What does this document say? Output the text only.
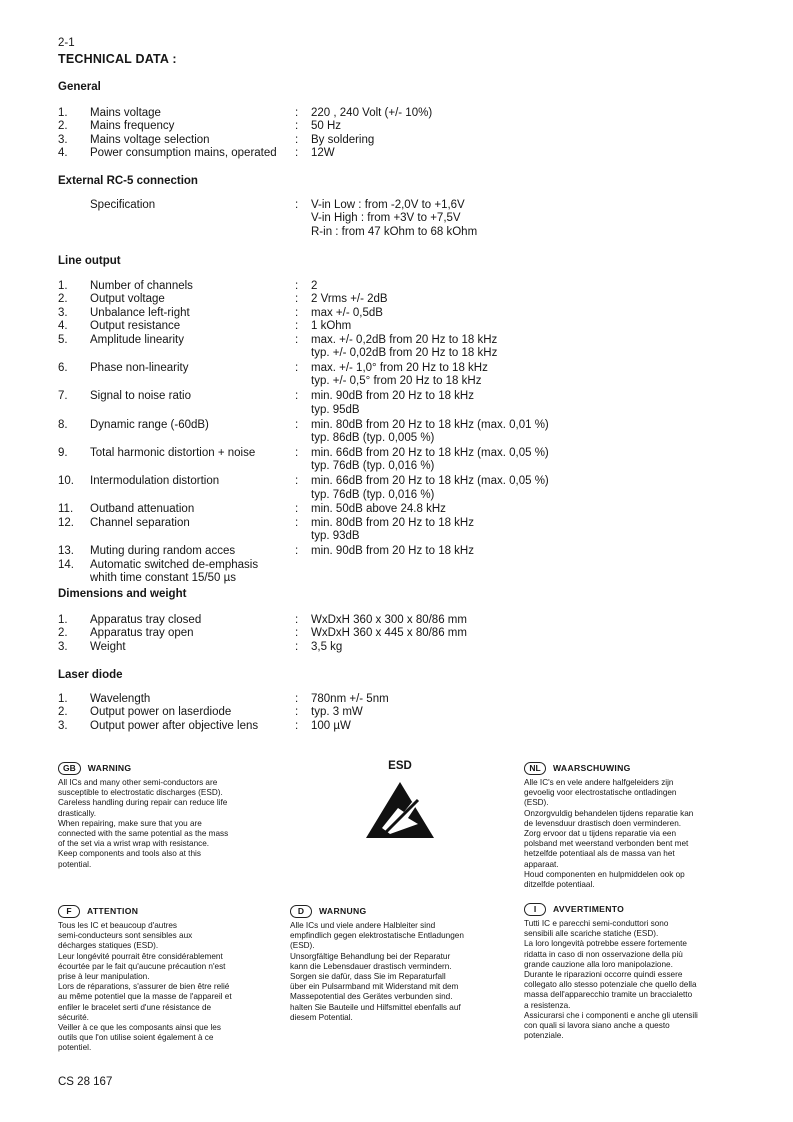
2-1
TECHNICAL DATA :
General
1. Mains voltage	: 220 , 240 Volt (+/- 10%)
2. Mains frequency	: 50 Hz
3. Mains voltage selection	: By soldering
4. Power consumption mains, operated : 12W
External RC-5 connection
Specification	: V-in Low : from -2,0V to +1,6V
V-in High : from +3V to +7,5V
R-in : from 47 kOhm to 68 kOhm
Line output
1. Number of channels	: 2
2. Output voltage	: 2 Vrms +/- 2dB
3. Unbalance left-right	: max +/- 0,5dB
4. Output resistance	: 1 kOhm
5. Amplitude linearity	: max. +/- 0,2dB from 20 Hz to 18 kHz
typ. +/- 0,02dB from 20 Hz to 18 kHz
6. Phase non-linearity	: max. +/- 1,0° from 20 Hz to 18 kHz
typ. +/- 0,5° from 20 Hz to 18 kHz
7. Signal to noise ratio	: min. 90dB from 20 Hz to 18 kHz
typ. 95dB
8. Dynamic range (-60dB)	: min. 80dB from 20 Hz to 18 kHz (max. 0,01 %)
typ. 86dB (typ. 0,005 %)
9. Total harmonic distortion + noise	: min. 66dB from 20 Hz to 18 kHz (max. 0,05 %)
typ. 76dB (typ. 0,016 %)
10. Intermodulation distortion	: min. 66dB from 20 Hz to 18 kHz (max. 0,05 %)
typ. 76dB (typ. 0,016 %)
11. Outband attenuation	: min. 50dB above 24.8 kHz
12. Channel separation	: min. 80dB from 20 Hz to 18 kHz
typ. 93dB
13. Muting during random acces	: min. 90dB from 20 Hz to 18 kHz
14. Automatic switched de-emphasis
whith time constant 15/50 µs
Dimensions and weight
1. Apparatus tray closed	: WxDxH 360 x 300 x 80/86 mm
2. Apparatus tray open	: WxDxH 360 x 445 x 80/86 mm
3. Weight	: 3,5 kg
Laser diode
1. Wavelength	: 780nm +/- 5nm
2. Output power on laserdiode	: typ. 3 mW
3. Output power after objective lens	: 100 µW
ESD
GB	WARNING
All ICs and many other semi-conductors are
susceptible to electrostatic discharges (ESD).
Careless handling during repair can reduce life
drastically.
When repairing, make sure that you are
connected with the same potential as the mass
of the set via a wrist wrap with resistance.
Keep components and tools also at this
potential.
NL	WAARSCHUWING
Alle IC's en vele andere halfgeleiders zijn
gevoelig voor electrostatische ontladingen
(ESD).
Onzorgvuldig behandelen tijdens reparatie kan
de levensduur drastisch doen verminderen.
Zorg ervoor dat u tijdens reparatie via een
polsband met weerstand verbonden bent met
hetzelfde potentiaal als de massa van het
apparaat.
Houd componenten en hulpmiddelen ook op
ditzelfde potentiaal.
F	ATTENTION
Tous les IC et beaucoup d'autres
semi-conducteurs sont sensibles aux
décharges statiques (ESD).
Leur longévité pourrait être considérablement
écourtée par le fait qu'aucune précaution n'est
prise à leur manipulation.
Lors de réparations, s'assurer de bien être relié
au même potentiel que la masse de l'appareil et
enfiler le bracelet serti d'une résistance de
sécurité.
Veiller à ce que les composants ainsi que les
outils que l'on utilise soient également à ce
potentiel.
D	WARNUNG
Alle ICs und viele andere Halbleiter sind
empfindlich gegen elektrostatische Entladungen
(ESD).
Unsorgfältige Behandlung bei der Reparatur
kann die Lebensdauer drastisch vermindern.
Sorgen sie dafür, dass Sie im Reparaturfall
über ein Pulsarmband mit Widerstand mit dem
Massepotential des Gerätes verbunden sind.
halten Sie Bauteile und Hilfsmittel ebenfalls auf
diesem Potential.
I	AVVERTIMENTO
Tutti IC e parecchi semi-conduttori sono
sensibili alle scariche statiche (ESD).
La loro longevità potrebbe essere fortemente
ridatta in caso di non osservazione della più
grande cauzione alla loro manipolazione.
Durante le riparazioni occorre quindi essere
collegato allo stesso potenziale che quello della
massa dell'apparecchio tramite un braccialetto
a resistenza.
Assicurarsi che i componenti e anche gli utensili
con quali si lavora siano anche a questo
potenziale.
CS 28 167
